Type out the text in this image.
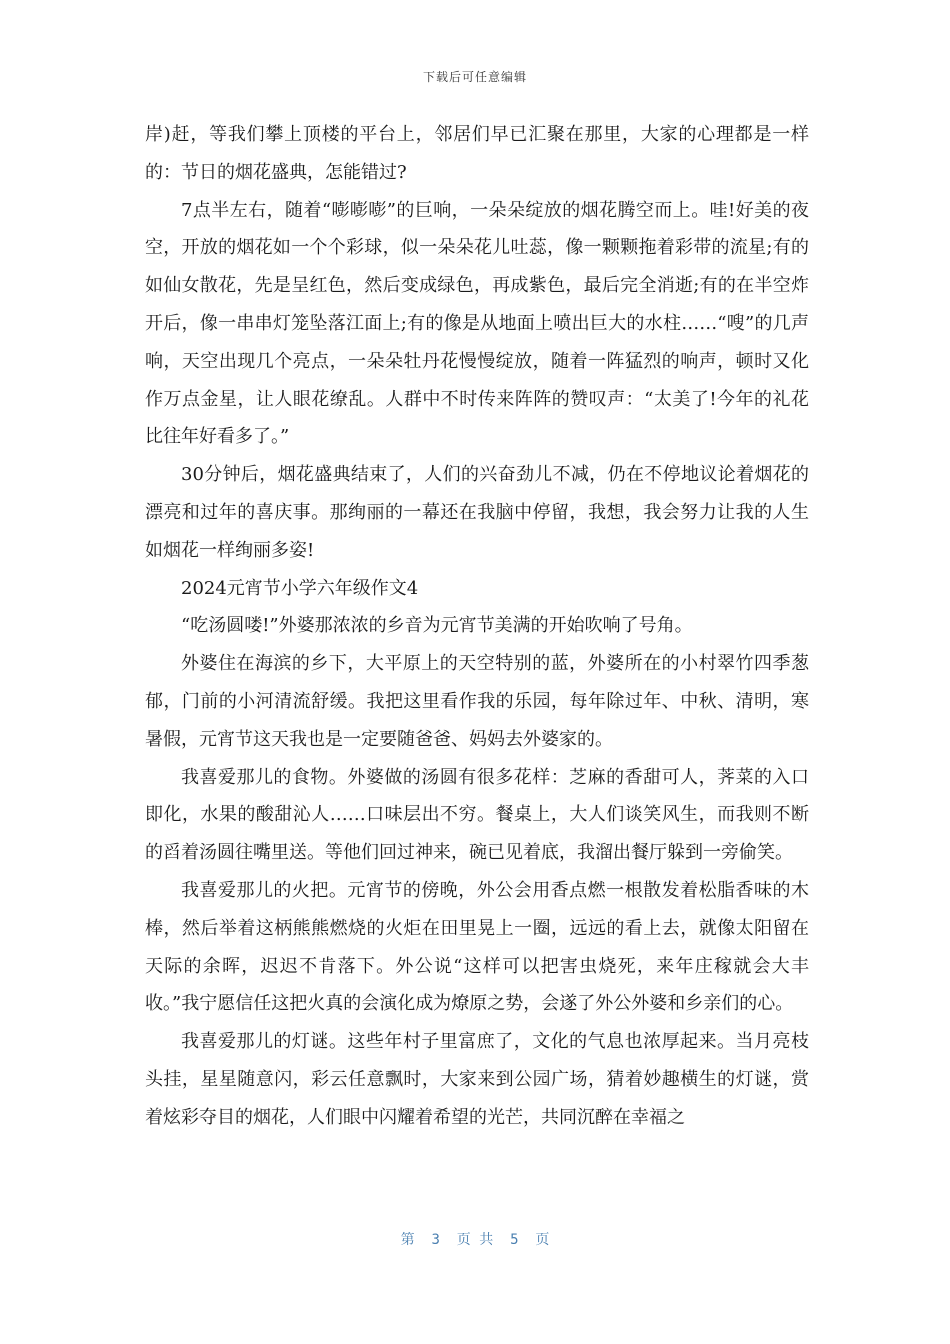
下载后可任意编辑

岸)赶，等我们攀上顶楼的平台上，邻居们早已汇聚在那里，大家的心理都是一样的：节日的烟花盛典，怎能错过?

7点半左右，随着“嘭嘭嘭”的巨响，一朵朵绽放的烟花腾空而上。哇!好美的夜空，开放的烟花如一个个彩球，似一朵朵花儿吐蕊，像一颗颗拖着彩带的流星;有的如仙女散花，先是呈红色，然后变成绿色，再成紫色，最后完全消逝;有的在半空炸开后，像一串串灯笼坠落江面上;有的像是从地面上喷出巨大的水柱……“嗖”的几声响，天空出现几个亮点，一朵朵牡丹花慢慢绽放，随着一阵猛烈的响声，顿时又化作万点金星，让人眼花缭乱。人群中不时传来阵阵的赞叹声：“太美了!今年的礼花比往年好看多了。”

30分钟后，烟花盛典结束了，人们的兴奋劲儿不减，仍在不停地议论着烟花的漂亮和过年的喜庆事。那绚丽的一幕还在我脑中停留，我想，我会努力让我的人生如烟花一样绚丽多姿!

2024元宵节小学六年级作文4

“吃汤圆喽!”外婆那浓浓的乡音为元宵节美满的开始吹响了号角。

外婆住在海滨的乡下，大平原上的天空特别的蓝，外婆所在的小村翠竹四季葱郁，门前的小河清流舒缓。我把这里看作我的乐园，每年除过年、中秋、清明，寒暑假，元宵节这天我也是一定要随爸爸、妈妈去外婆家的。

我喜爱那儿的食物。外婆做的汤圆有很多花样：芝麻的香甜可人，荠菜的入口即化，水果的酸甜沁人……口味层出不穷。餐桌上，大人们谈笑风生，而我则不断的舀着汤圆往嘴里送。等他们回过神来，碗已见着底，我溜出餐厅躲到一旁偷笑。

我喜爱那儿的火把。元宵节的傍晚，外公会用香点燃一根散发着松脂香味的木棒，然后举着这柄熊熊燃烧的火炬在田里晃上一圈，远远的看上去，就像太阳留在天际的余晖，迟迟不肯落下。外公说“这样可以把害虫烧死，来年庄稼就会大丰收。”我宁愿信任这把火真的会演化成为燎原之势，会遂了外公外婆和乡亲们的心。

我喜爱那儿的灯谜。这些年村子里富庶了，文化的气息也浓厚起来。当月亮枝头挂，星星随意闪，彩云任意飘时，大家来到公园广场，猜着妙趣横生的灯谜，赏着炫彩夺目的烟花，人们眼中闪耀着希望的光芒，共同沉醉在幸福之

第  3  页 共  5  页
